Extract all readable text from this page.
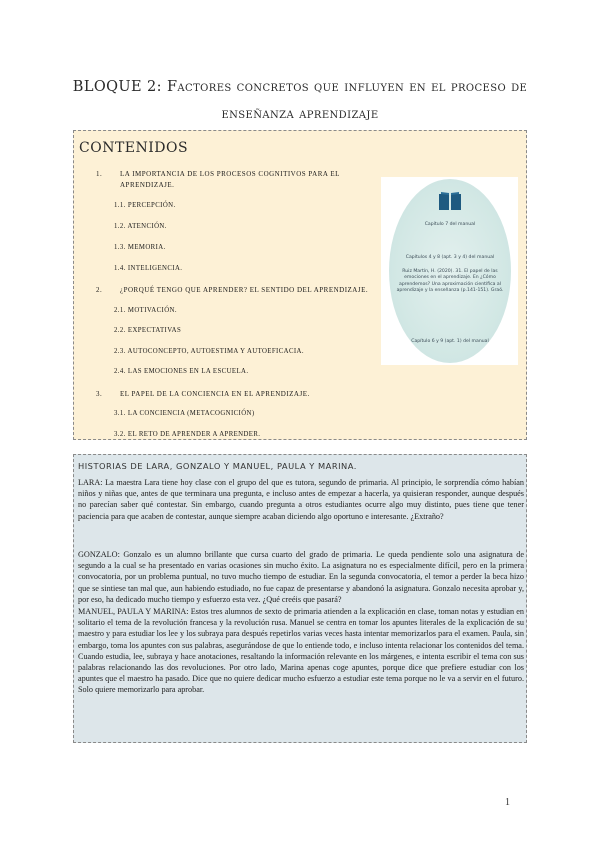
BLOQUE 2: Factores concretos que influyen en el proceso de enseñanza aprendizaje
CONTENIDOS
1.	LA IMPORTANCIA DE LOS PROCESOS COGNITIVOS PARA EL APRENDIZAJE.
1.1. PERCEPCIÓN.
1.2. ATENCIÓN.
1.3. MEMORIA.
1.4. INTELIGENCIA.
2.	¿PORQUÉ TENGO QUE APRENDER? EL SENTIDO DEL APRENDIZAJE.
2.1. MOTIVACIÓN.
2.2. EXPECTATIVAS
2.3. AUTOCONCEPTO, AUTOESTIMA Y AUTOEFICACIA.
2.4. LAS EMOCIONES EN LA ESCUELA.
3.	EL PAPEL DE LA CONCIENCIA EN EL APRENDIZAJE.
3.1. LA CONCIENCIA (METACOGNICIÓN)
3.2. EL RETO DE APRENDER A APRENDER.
Capítulo 7 del manual
Capítulos 4 y 8 (apt. 3 y 4) del manual
Ruiz Martín, H. (2020). 31. El papel de las emociones en el aprendizaje. En ¿Cómo aprendemos? Una aproximación científica al aprendizaje y la enseñanza (p.141-151). Graó.
Capítulo 6 y 9 (apt. 1) del manual
HISTORIAS DE LARA, GONZALO Y MANUEL, PAULA Y MARINA.
LARA: La maestra Lara tiene hoy clase con el grupo del que es tutora, segundo de primaria. Al principio, le sorprendía cómo habían niños y niñas que, antes de que terminara una pregunta, e incluso antes de empezar a hacerla, ya quisieran responder, aunque después no parecían saber qué contestar. Sin embargo, cuando pregunta a otros estudiantes ocurre algo muy distinto, pues tiene que tener paciencia para que acaben de contestar, aunque siempre acaban diciendo algo oportuno e interesante. ¿Extraño?
GONZALO: Gonzalo es un alumno brillante que cursa cuarto del grado de primaria. Le queda pendiente solo una asignatura de segundo a la cual se ha presentado en varias ocasiones sin mucho éxito. La asignatura no es especialmente difícil, pero en la primera convocatoria, por un problema puntual, no tuvo mucho tiempo de estudiar. En la segunda convocatoria, el temor a perder la beca hizo que se sintiese tan mal que, aun habiendo estudiado, no fue capaz de presentarse y abandonó la asignatura. Gonzalo necesita aprobar y, por eso, ha dedicado mucho tiempo y esfuerzo esta vez. ¿Qué creéis que pasará?
MANUEL, PAULA Y MARINA: Estos tres alumnos de sexto de primaria atienden a la explicación en clase, toman notas y estudian en solitario el tema de la revolución francesa y la revolución rusa. Manuel se centra en tomar los apuntes literales de la explicación de su maestro y para estudiar los lee y los subraya para después repetirlos varias veces hasta intentar memorizarlos para el examen. Paula, sin embargo, toma los apuntes con sus palabras, asegurándose de que lo entiende todo, e incluso intenta relacionar los contenidos del tema. Cuando estudia, lee, subraya y hace anotaciones, resaltando la información relevante en los márgenes, e intenta escribir el tema con sus palabras relacionando las dos revoluciones. Por otro lado, Marina apenas coge apuntes, porque dice que prefiere estudiar con los apuntes que el maestro ha pasado. Dice que no quiere dedicar mucho esfuerzo a estudiar este tema porque no le va a servir en el futuro. Solo quiere memorizarlo para aprobar.
1
